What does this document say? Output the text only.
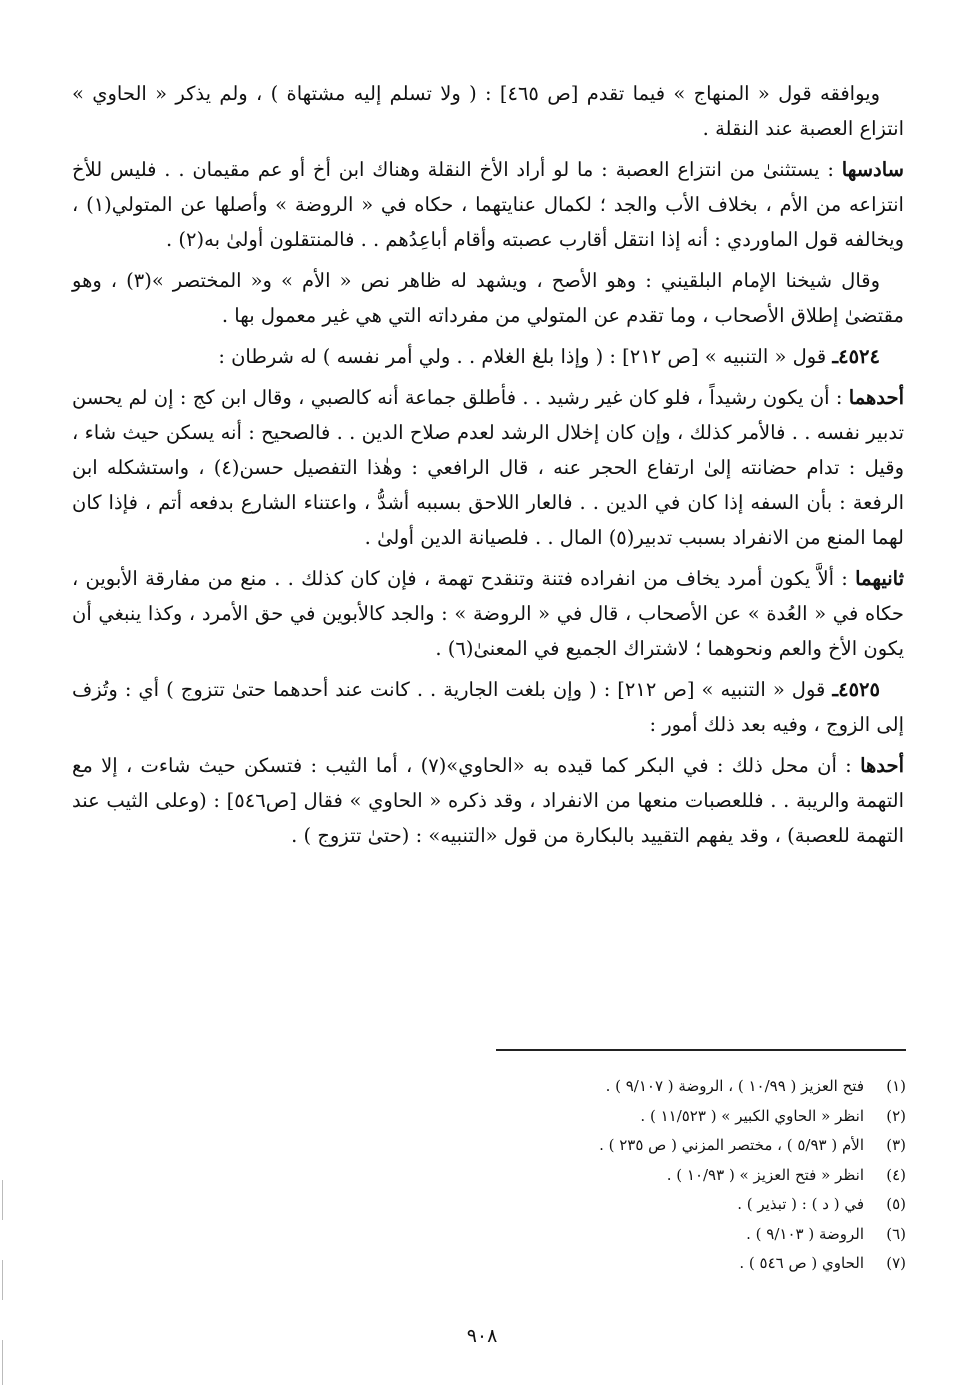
ويوافقه قول « المنهاج » فيما تقدم [ص ٤٦٥] : ( ولا تسلم إليه مشتهاة ) ، ولم يذكر « الحاوي » انتزاع العصبة عند النقلة .

سادسها : يستثنىٰ من انتزاع العصبة : ما لو أراد الأخ النقلة وهناك ابن أخ أو عم مقيمان . . فليس للأخ انتزاعه من الأم ، بخلاف الأب والجد ؛ لكمال عنايتهما ، حكاه في « الروضة » وأصلها عن المتولي(١) ، ويخالفه قول الماوردي : أنه إذا انتقل أقارب عصبته وأقام أباعِدُهم . . فالمنتقلون أولىٰ به(٢) .

وقال شيخنا الإمام البلقيني : وهو الأصح ، ويشهد له ظاهر نص « الأم » و« المختصر »(٣) ، وهو مقتضىٰ إطلاق الأصحاب ، وما تقدم عن المتولي من مفرداته التي هي غير معمول بها .

٤٥٢٤ـ قول « التنبيه » [ص ٢١٢] : ( وإذا بلغ الغلام . . ولي أمر نفسه ) له شرطان :

أحدهما : أن يكون رشيداً ، فلو كان غير رشيد . . فأطلق جماعة أنه كالصبي ، وقال ابن كج : إن لم يحسن تدبير نفسه . . فالأمر كذلك ، وإن كان إخلال الرشد لعدم صلاح الدين . . فالصحيح : أنه يسكن حيث شاء ، وقيل : تدام حضانته إلىٰ ارتفاع الحجر عنه ، قال الرافعي : وهٰذا التفصيل حسن(٤) ، واستشكله ابن الرفعة : بأن السفه إذا كان في الدين . . فالعار اللاحق بسببه أشدُّ ، واعتناء الشارع بدفعه أتم ، فإذا كان لهما المنع من الانفراد بسبب تدبير(٥) المال . . فلصيانة الدين أولىٰ .

ثانيهما : ألاَّ يكون أمرد يخاف من انفراده فتنة وتنقدح تهمة ، فإن كان كذلك . . منع من مفارقة الأبوين ، حكاه في « العُدة » عن الأصحاب ، قال في « الروضة » : والجد كالأبوين في حق الأمرد ، وكذا ينبغي أن يكون الأخ والعم ونحوهما ؛ لاشتراك الجميع في المعنىٰ(٦) .

٤٥٢٥ـ قول « التنبيه » [ص ٢١٢] : ( وإن بلغت الجارية . . كانت عند أحدهما حتىٰ تتزوج ) أي : وتُزف إلى الزوج ، وفيه بعد ذلك أمور :

أحدها : أن محل ذلك : في البكر كما قيده به «الحاوي»(٧) ، أما الثيب : فتسكن حيث شاءت ، إلا مع التهمة والريبة . . فللعصبات منعها من الانفراد ، وقد ذكره « الحاوي » فقال [ص٥٤٦] : (وعلى الثيب عند التهمة للعصبة) ، وقد يفهم التقييد بالبكارة من قول «التنبيه» : (حتىٰ تتزوج ) .

(١)
فتح العزيز ( ١٠/٩٩ ) ، الروضة ( ٩/١٠٧ ) .
(٢)
انظر « الحاوي الكبير » ( ١١/٥٢٣ ) .
(٣)
الأم ( ٥/٩٣ ) ، مختصر المزني ( ص ٢٣٥ ) .
(٤)
انظر « فتح العزيز » ( ١٠/٩٣ ) .
(٥)
في ( د ) : ( تبذير ) .
(٦)
الروضة ( ٩/١٠٣ ) .
(٧)
الحاوي ( ص ٥٤٦ ) .
٩٠٨
